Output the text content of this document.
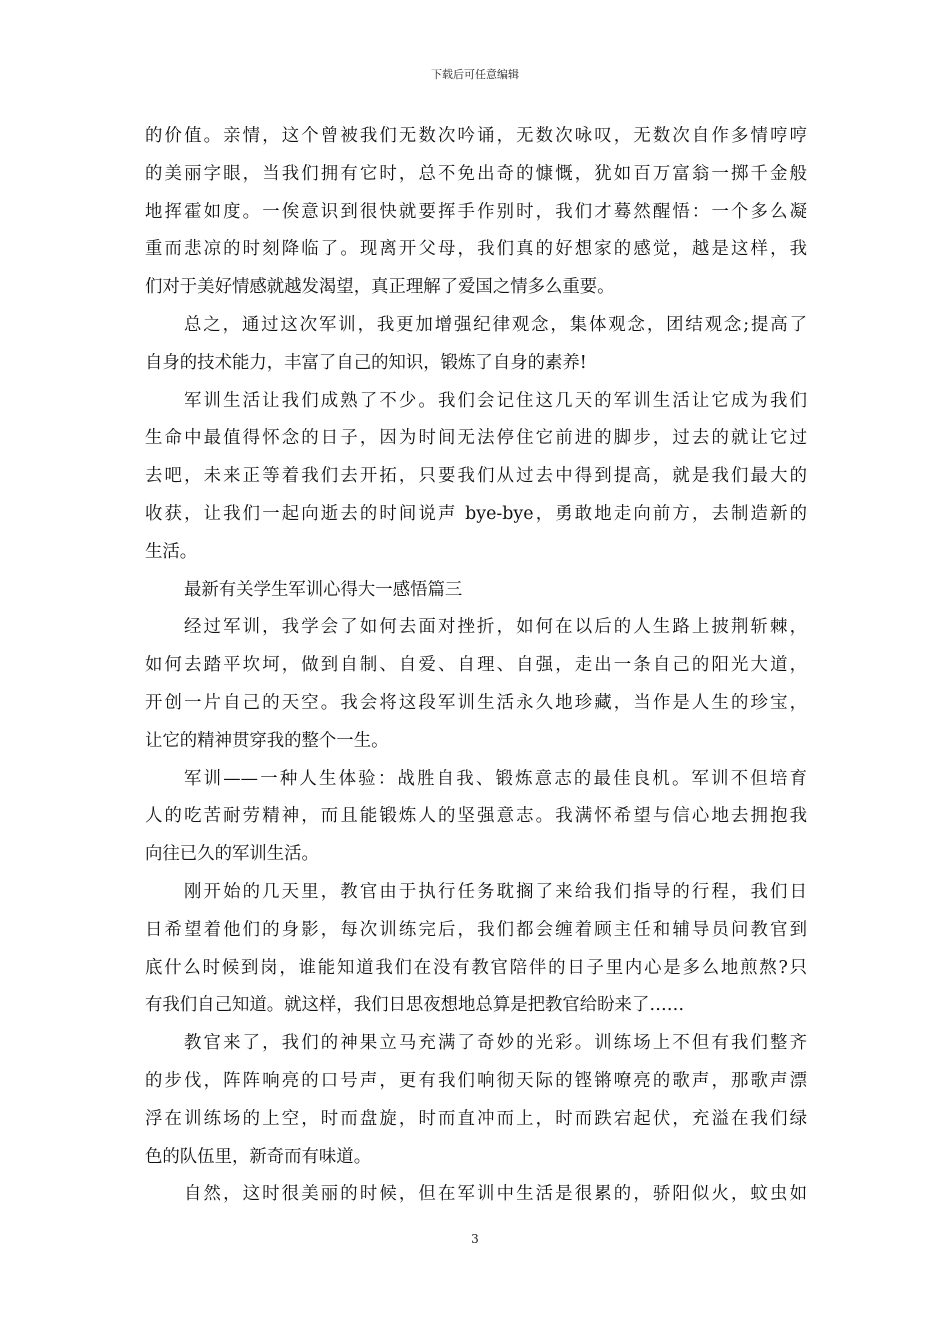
下载后可任意编辑
的价值。亲情，这个曾被我们无数次吟诵，无数次咏叹，无数次自作多情哼哼
的美丽字眼，当我们拥有它时，总不免出奇的慷慨，犹如百万富翁一掷千金般
地挥霍如度。一俟意识到很快就要挥手作别时，我们才蓦然醒悟：一个多么凝
重而悲凉的时刻降临了。现离开父母，我们真的好想家的感觉，越是这样，我
们对于美好情感就越发渴望，真正理解了爱国之情多么重要。
总之，通过这次军训，我更加增强纪律观念，集体观念，团结观念;提高了
自身的技术能力，丰富了自己的知识，锻炼了自身的素养!
军训生活让我们成熟了不少。我们会记住这几天的军训生活让它成为我们
生命中最值得怀念的日子，因为时间无法停住它前进的脚步，过去的就让它过
去吧，未来正等着我们去开拓，只要我们从过去中得到提高，就是我们最大的
收获，让我们一起向逝去的时间说声 bye-bye，勇敢地走向前方，去制造新的
生活。
最新有关学生军训心得大一感悟篇三
经过军训，我学会了如何去面对挫折，如何在以后的人生路上披荆斩棘，
如何去踏平坎坷，做到自制、自爱、自理、自强，走出一条自己的阳光大道，
开创一片自己的天空。我会将这段军训生活永久地珍藏，当作是人生的珍宝，
让它的精神贯穿我的整个一生。
军训——一种人生体验：战胜自我、锻炼意志的最佳良机。军训不但培育
人的吃苦耐劳精神，而且能锻炼人的坚强意志。我满怀希望与信心地去拥抱我
向往已久的军训生活。
刚开始的几天里，教官由于执行任务耽搁了来给我们指导的行程，我们日
日希望着他们的身影，每次训练完后，我们都会缠着顾主任和辅导员问教官到
底什么时候到岗，谁能知道我们在没有教官陪伴的日子里内心是多么地煎熬?只
有我们自己知道。就这样，我们日思夜想地总算是把教官给盼来了……
教官来了，我们的神果立马充满了奇妙的光彩。训练场上不但有我们整齐
的步伐，阵阵响亮的口号声，更有我们响彻天际的铿锵嘹亮的歌声，那歌声漂
浮在训练场的上空，时而盘旋，时而直冲而上，时而跌宕起伏，充溢在我们绿
色的队伍里，新奇而有味道。
自然，这时很美丽的时候，但在军训中生活是很累的，骄阳似火，蚊虫如
3
